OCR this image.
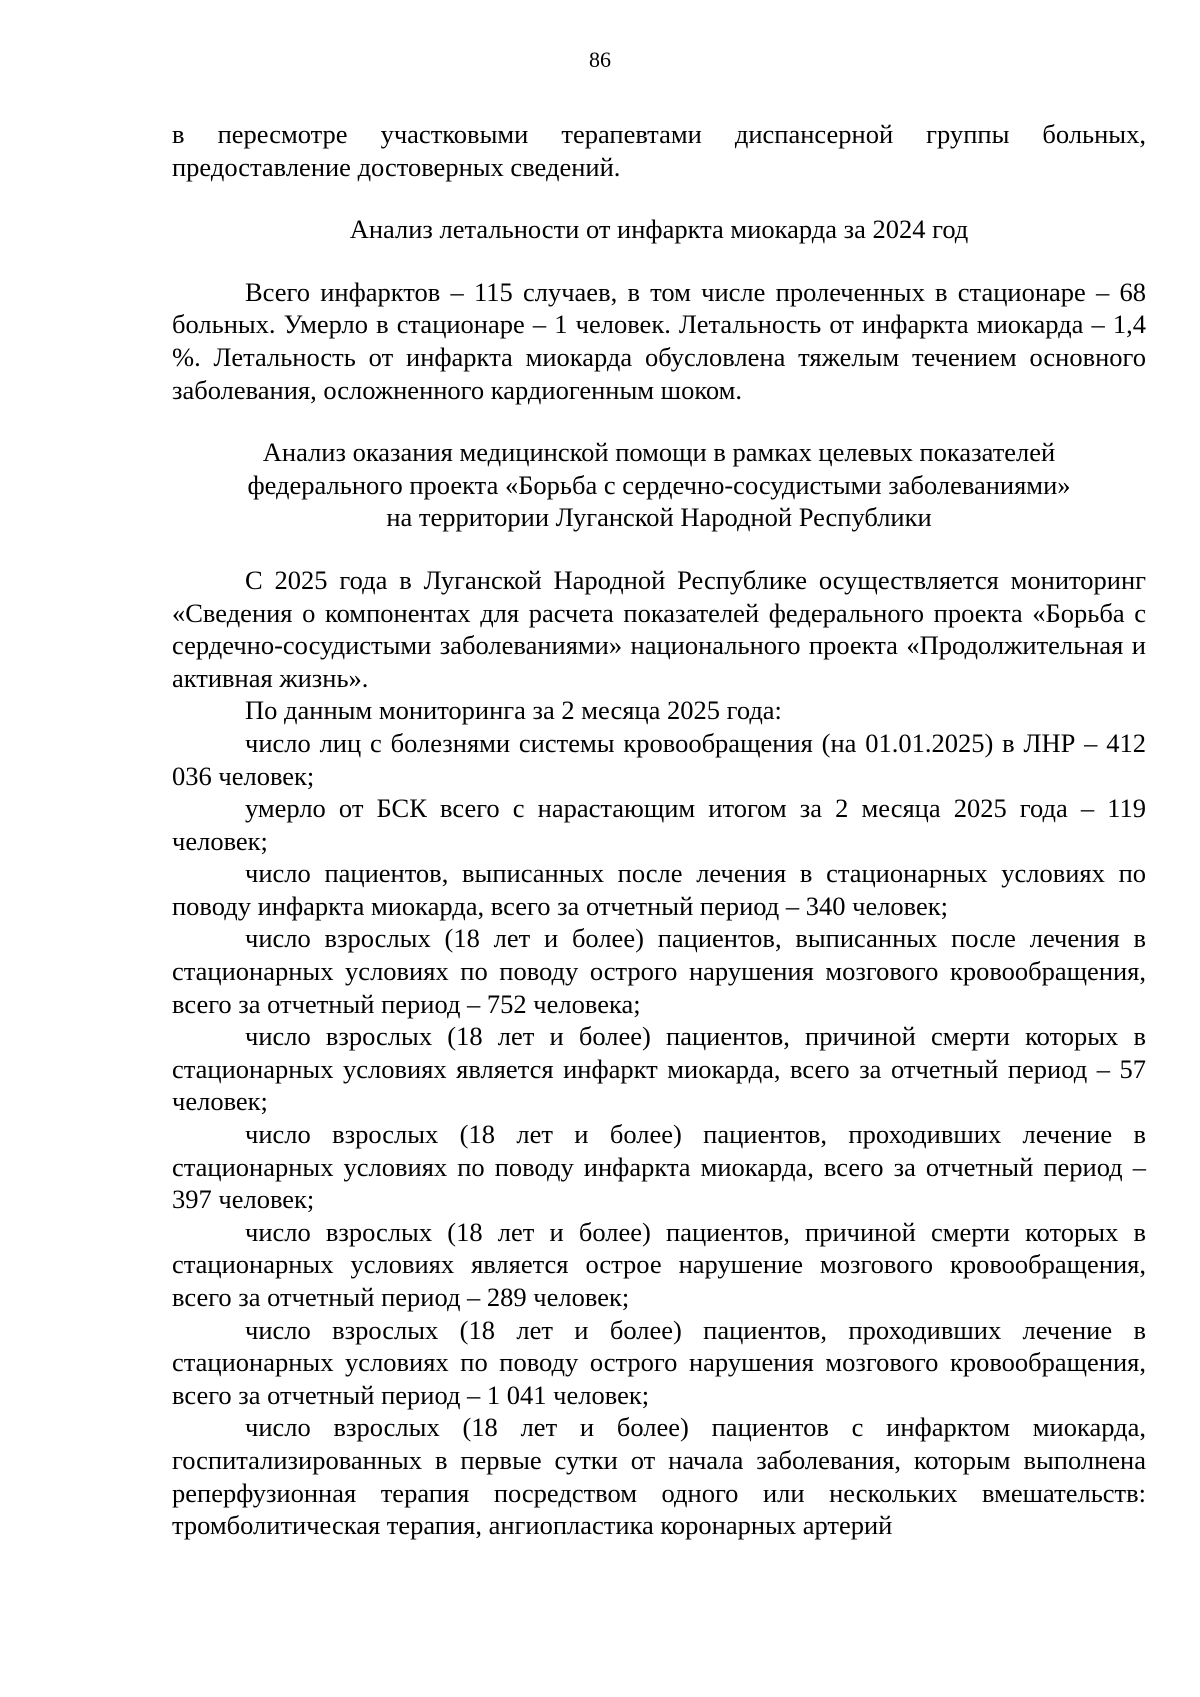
86

в пересмотре участковыми терапевтами диспансерной группы больных, предоставление достоверных сведений.

Анализ летальности от инфаркта миокарда за 2024 год

Всего инфарктов – 115 случаев, в том числе пролеченных в стационаре – 68 больных. Умерло в стационаре – 1 человек. Летальность от инфаркта миокарда – 1,4 %. Летальность от инфаркта миокарда обусловлена тяжелым течением основного заболевания, осложненного кардиогенным шоком.

Анализ оказания медицинской помощи в рамках целевых показателей
федерального проекта «Борьба с сердечно-сосудистыми заболеваниями»
на территории Луганской Народной Республики

С 2025 года в Луганской Народной Республике осуществляется мониторинг «Сведения о компонентах для расчета показателей федерального проекта «Борьба с сердечно-сосудистыми заболеваниями» национального проекта «Продолжительная и активная жизнь».

По данным мониторинга за 2 месяца 2025 года:

число лиц с болезнями системы кровообращения (на 01.01.2025) в ЛНР – 412 036 человек;

умерло от БСК всего с нарастающим итогом за 2 месяца 2025 года – 119 человек;

число пациентов, выписанных после лечения в стационарных условиях по поводу инфаркта миокарда, всего за отчетный период – 340 человек;

число взрослых (18 лет и более) пациентов, выписанных после лечения в стационарных условиях по поводу острого нарушения мозгового кровообращения, всего за отчетный период – 752 человека;

число взрослых (18 лет и более) пациентов, причиной смерти которых в стационарных условиях является инфаркт миокарда, всего за отчетный период – 57 человек;

число взрослых (18 лет и более) пациентов, проходивших лечение в стационарных условиях по поводу инфаркта миокарда, всего за отчетный период – 397 человек;

число взрослых (18 лет и более) пациентов, причиной смерти которых в стационарных условиях является острое нарушение мозгового кровообращения, всего за отчетный период – 289 человек;

число взрослых (18 лет и более) пациентов, проходивших лечение в стационарных условиях по поводу острого нарушения мозгового кровообращения, всего за отчетный период – 1 041 человек;

число взрослых (18 лет и более) пациентов с инфарктом миокарда, госпитализированных в первые сутки от начала заболевания, которым выполнена реперфузионная терапия посредством одного или нескольких вмешательств: тромболитическая терапия, ангиопластика коронарных артерий
